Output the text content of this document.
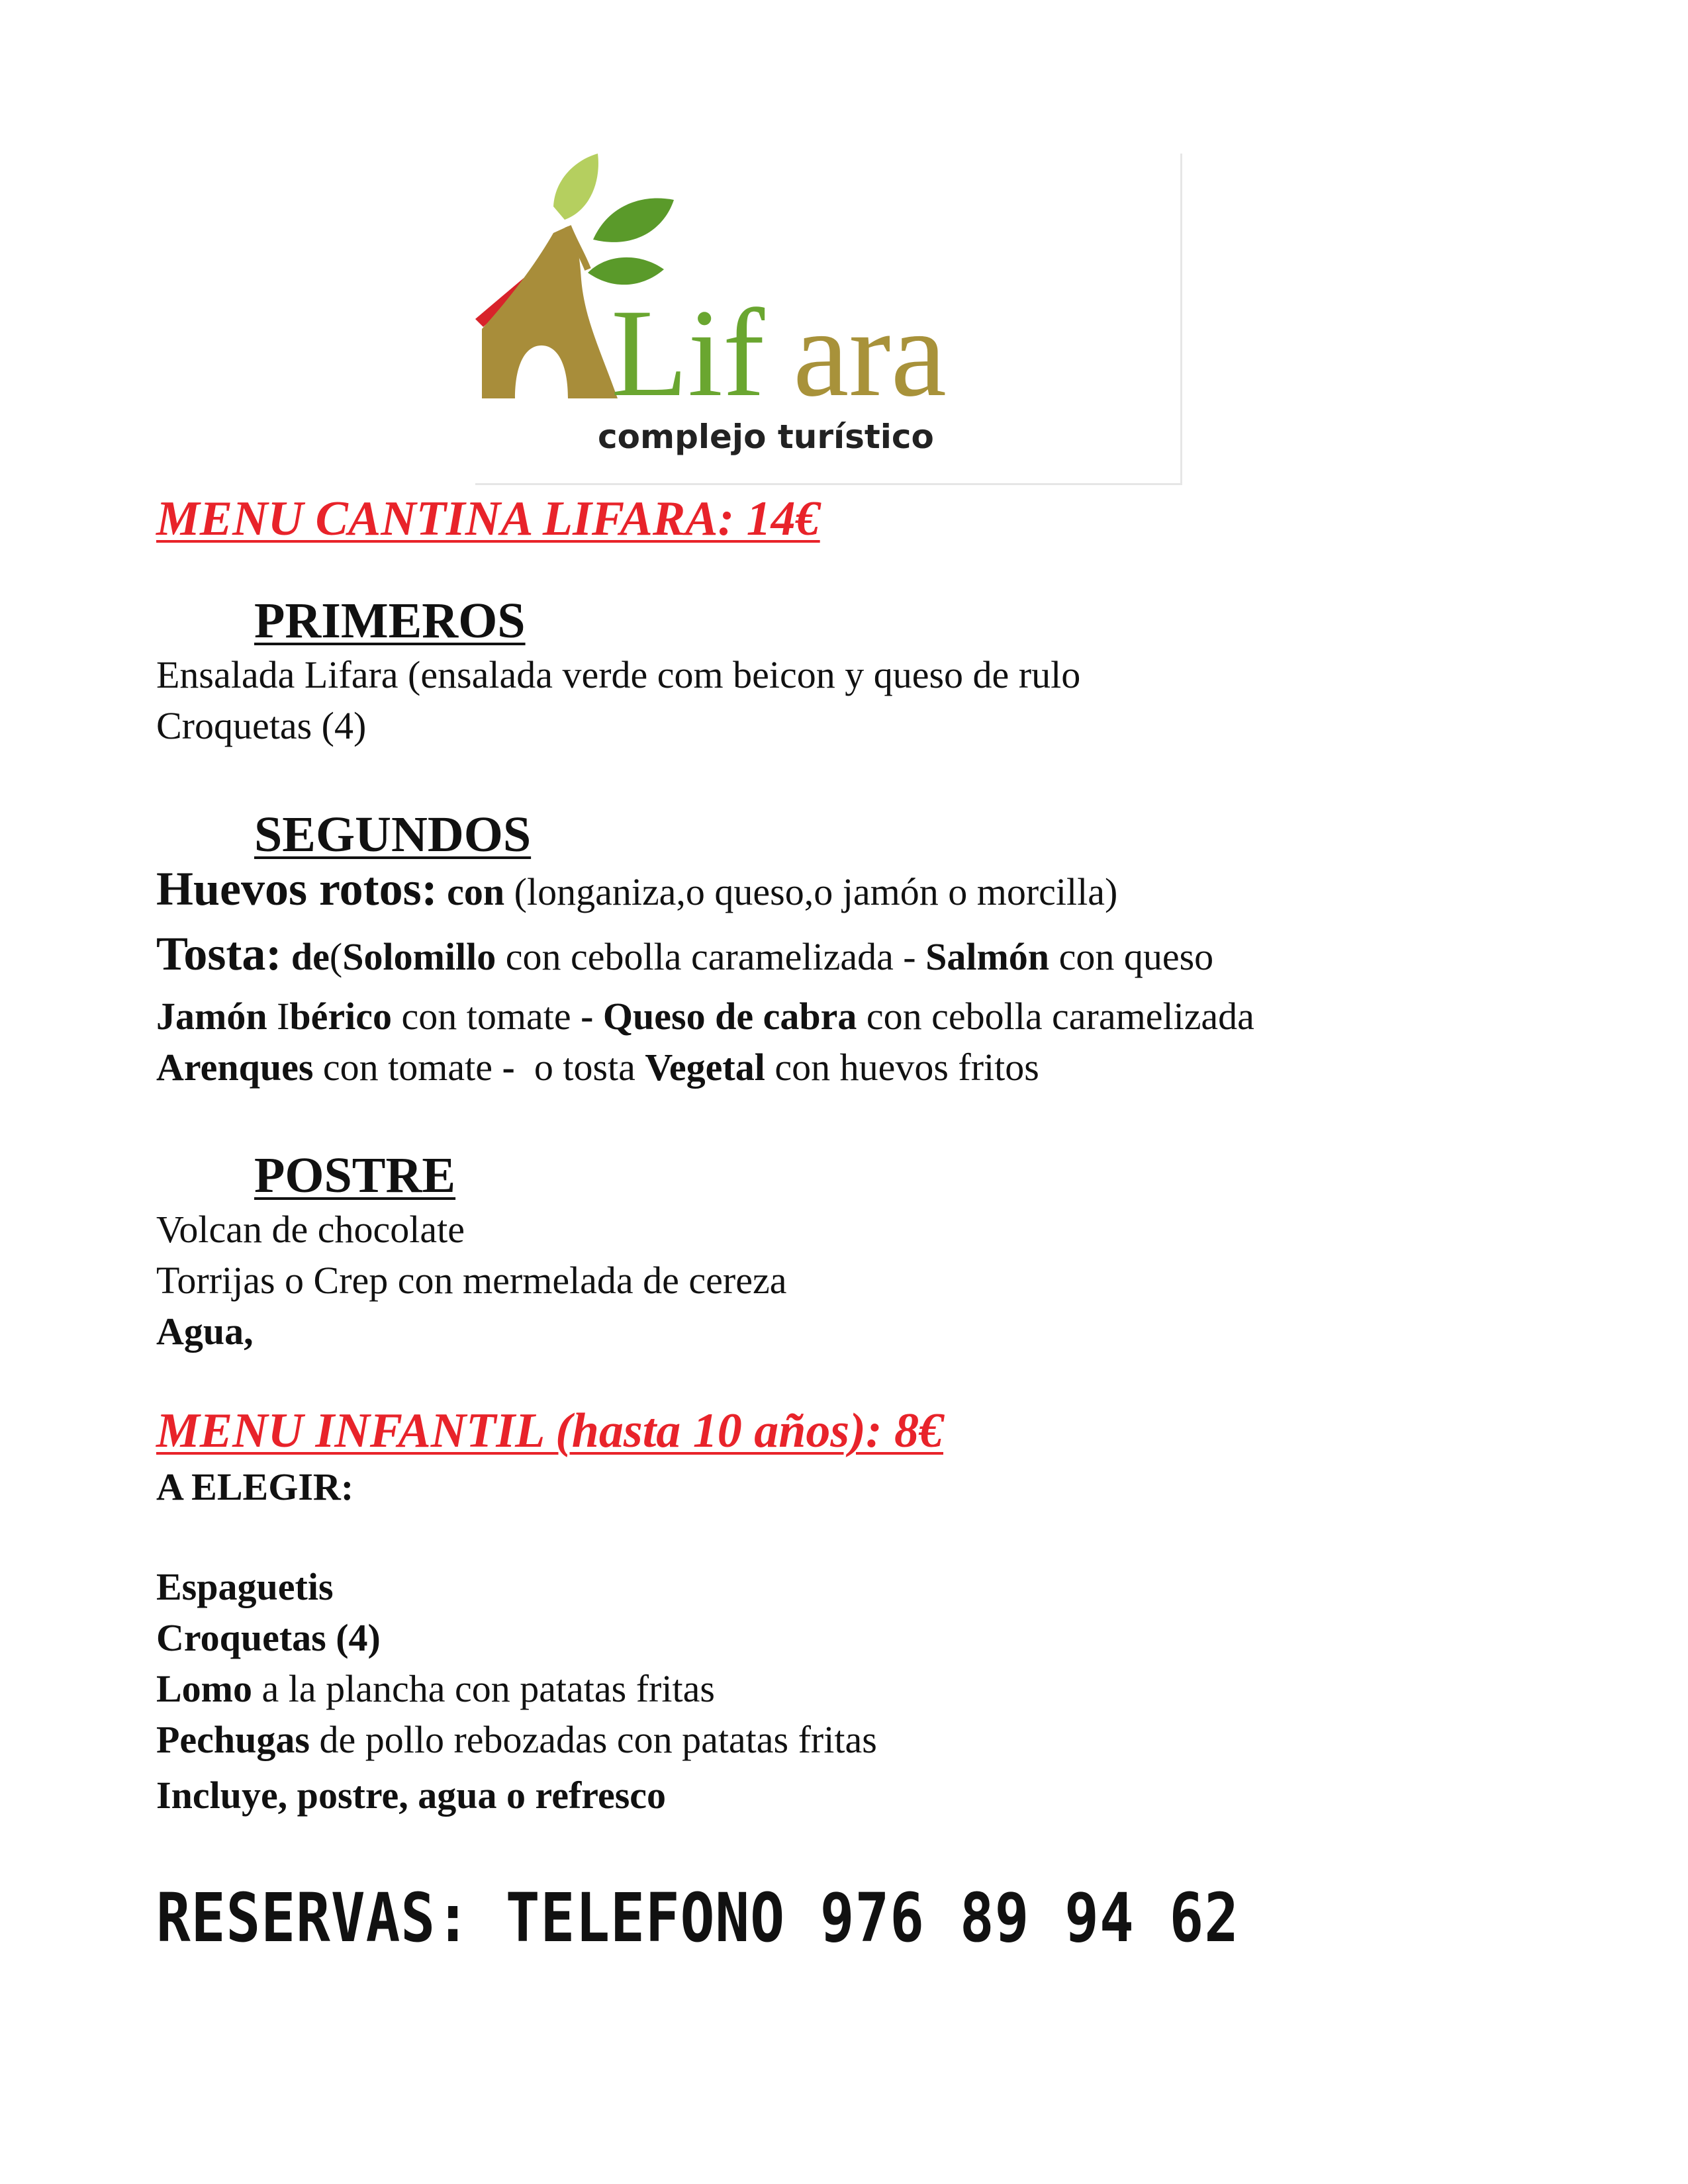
Lif ara
complejo turístico
MENU CANTINA LIFARA: 14€
PRIMEROS
Ensalada Lifara (ensalada verde com beicon y queso de rulo
Croquetas (4)
SEGUNDOS
Huevos rotos: con (longaniza,o queso,o jamón o morcilla)
Tosta: de(Solomillo con cebolla caramelizada - Salmón con queso
Jamón Ibérico con tomate - Queso de cabra con cebolla caramelizada
Arenques con tomate - o tosta Vegetal con huevos fritos
POSTRE
Volcan de chocolate
Torrijas o Crep con mermelada de cereza
Agua,
MENU INFANTIL (hasta 10 años): 8€
A ELEGIR:
Espaguetis
Croquetas (4)
Lomo a la plancha con patatas fritas
Pechugas de pollo rebozadas con patatas fritas
Incluye, postre, agua o refresco
RESERVAS: TELEFONO 976 89 94 62
